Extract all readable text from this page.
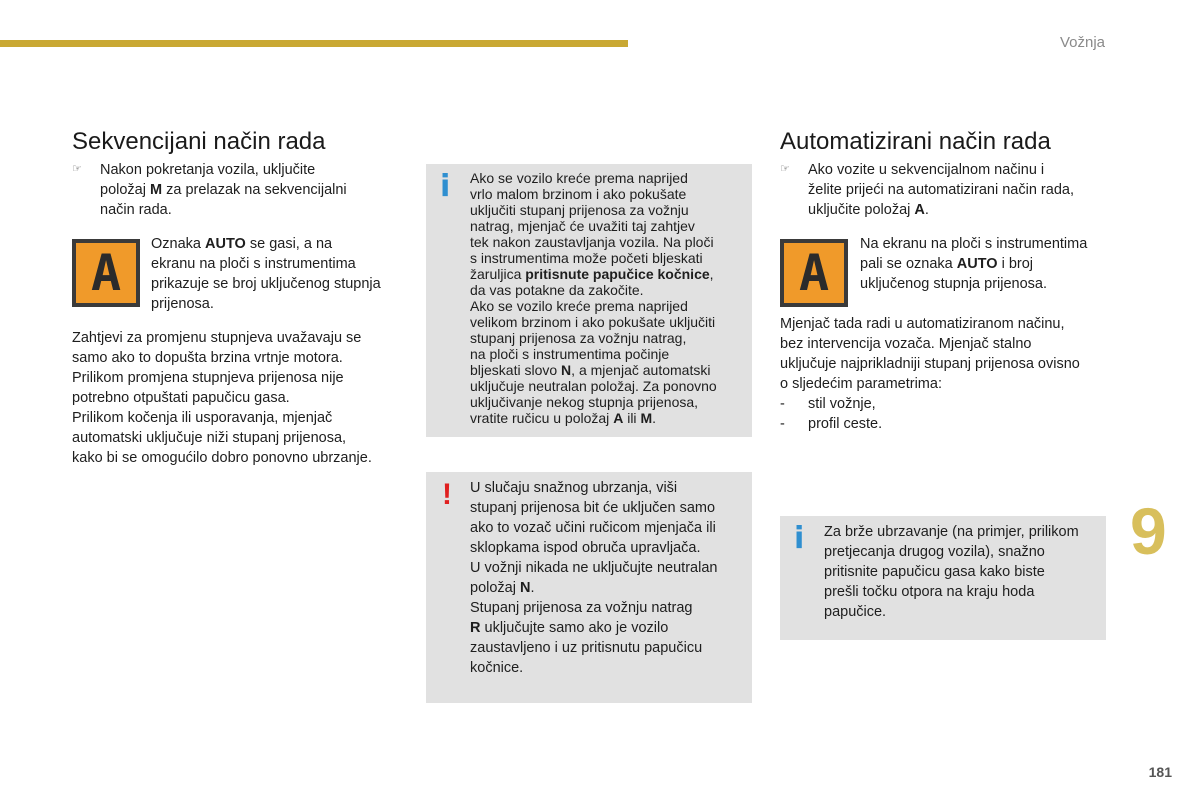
Vožnja
Sekvencijani način rada
☞	Nakon pokretanja vozila, uključite
položaj M za prelazak na sekvencijalni
način rada.

A Oznaka AUTO se gasi, a na
ekranu na ploči s instrumentima
prikazuje se broj uključenog stupnja
prijenosa.

Zahtjevi za promjenu stupnjeva uvažavaju se
samo ako to dopušta brzina vrtnje motora.
Prilikom promjena stupnjeva prijenosa nije
potrebno otpuštati papučicu gasa.
Prilikom kočenja ili usporavanja, mjenjač
automatski uključuje niži stupanj prijenosa,
kako bi se omogućilo dobro ponovno ubrzanje.

i Ako se vozilo kreće prema naprijed
vrlo malom brzinom i ako pokušate
uključiti stupanj prijenosa za vožnju
natrag, mjenjač će uvažiti taj zahtjev
tek nakon zaustavljanja vozila. Na ploči
s instrumentima može početi bljeskati
žaruljica pritisnute papučice kočnice,
da vas potakne da zakočite.
Ako se vozilo kreće prema naprijed
velikom brzinom i ako pokušate uključiti
stupanj prijenosa za vožnju natrag,
na ploči s instrumentima počinje
bljeskati slovo N, a mjenjač automatski
uključuje neutralan položaj. Za ponovno
uključivanje nekog stupnja prijenosa,
vratite ručicu u položaj A ili M.

! U slučaju snažnog ubrzanja, viši
stupanj prijenosa bit će uključen samo
ako to vozač učini ručicom mjenjača ili
sklopkama ispod obruča upravljača.
U vožnji nikada ne uključujte neutralan
položaj N.
Stupanj prijenosa za vožnju natrag
R uključujte samo ako je vozilo
zaustavljeno i uz pritisnutu papučicu
kočnice.

Automatizirani način rada
☞	Ako vozite u sekvencijalnom načinu i
želite prijeći na automatizirani način rada,
uključite položaj A.

A Na ekranu na ploči s instrumentima
pali se oznaka AUTO i broj
uključenog stupnja prijenosa.

Mjenjač tada radi u automatiziranom načinu,
bez intervencija vozača. Mjenjač stalno
uključuje najprikladniji stupanj prijenosa ovisno
o sljedećim parametrima:

-	stil vožnje,
-	profil ceste.
i Za brže ubrzavanje (na primjer, prilikom
pretjecanja drugog vozila), snažno
pritisnite papučicu gasa kako biste
prešli točku otpora na kraju hoda
papučice.

9
181
